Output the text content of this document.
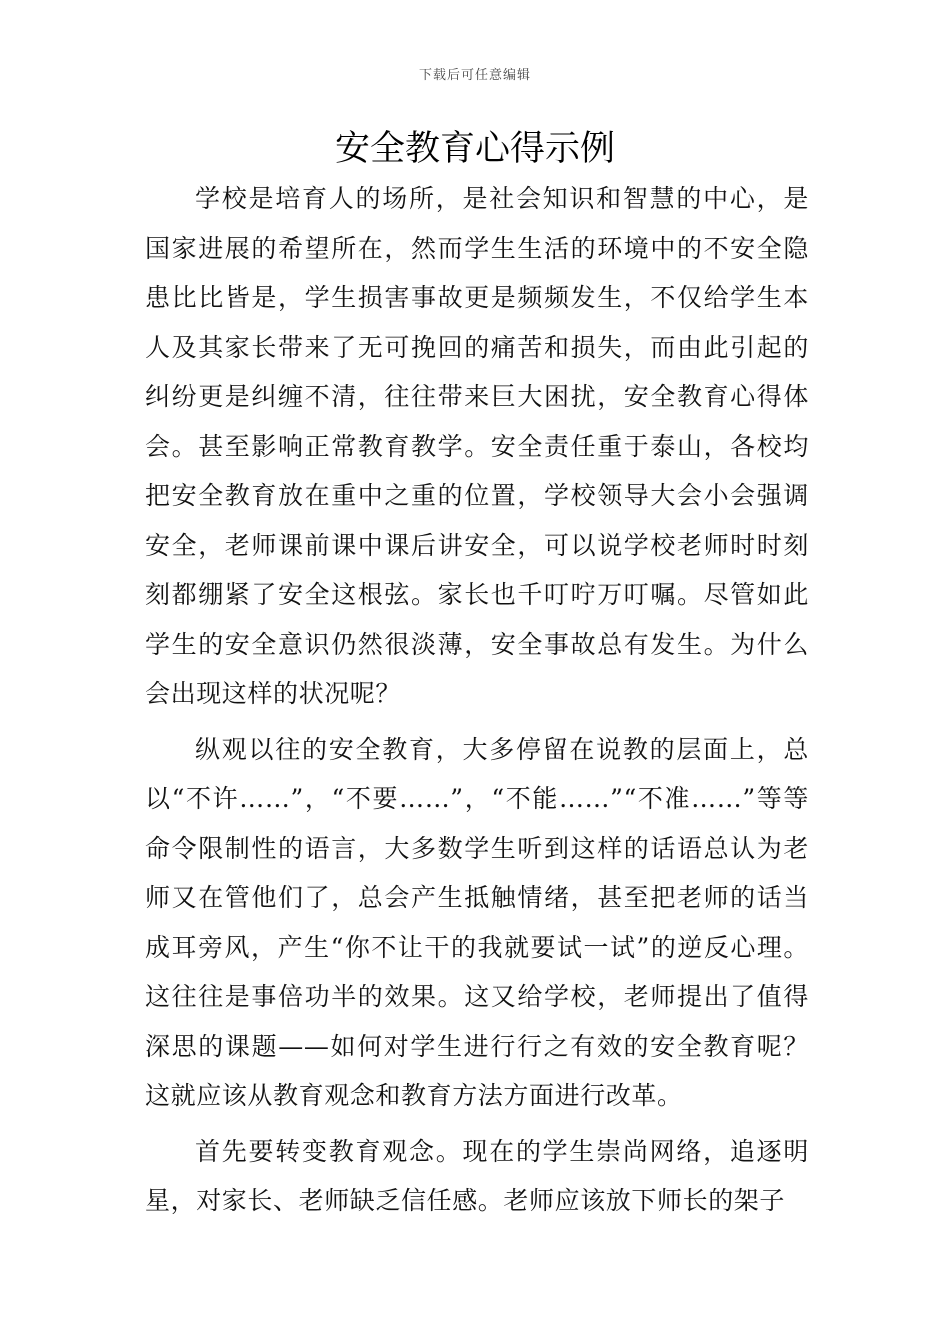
下载后可任意编辑
安全教育心得示例

学校是培育人的场所，是社会知识和智慧的中心，是国家进展的希望所在，然而学生生活的环境中的不安全隐患比比皆是，学生损害事故更是频频发生，不仅给学生本人及其家长带来了无可挽回的痛苦和损失，而由此引起的纠纷更是纠缠不清，往往带来巨大困扰，安全教育心得体会。甚至影响正常教育教学。安全责任重于泰山，各校均把安全教育放在重中之重的位置，学校领导大会小会强调安全，老师课前课中课后讲安全，可以说学校老师时时刻刻都绷紧了安全这根弦。家长也千叮咛万叮嘱。尽管如此学生的安全意识仍然很淡薄，安全事故总有发生。为什么会出现这样的状况呢？

纵观以往的安全教育，大多停留在说教的层面上，总以“不许……”，“不要……”，“不能……”“不准……”等等命令限制性的语言，大多数学生听到这样的话语总认为老师又在管他们了，总会产生抵触情绪，甚至把老师的话当成耳旁风，产生“你不让干的我就要试一试”的逆反心理。这往往是事倍功半的效果。这又给学校，老师提出了值得深思的课题——如何对学生进行行之有效的安全教育呢？这就应该从教育观念和教育方法方面进行改革。

首先要转变教育观念。现在的学生崇尚网络，追逐明星，对家长、老师缺乏信任感。老师应该放下师长的架子
